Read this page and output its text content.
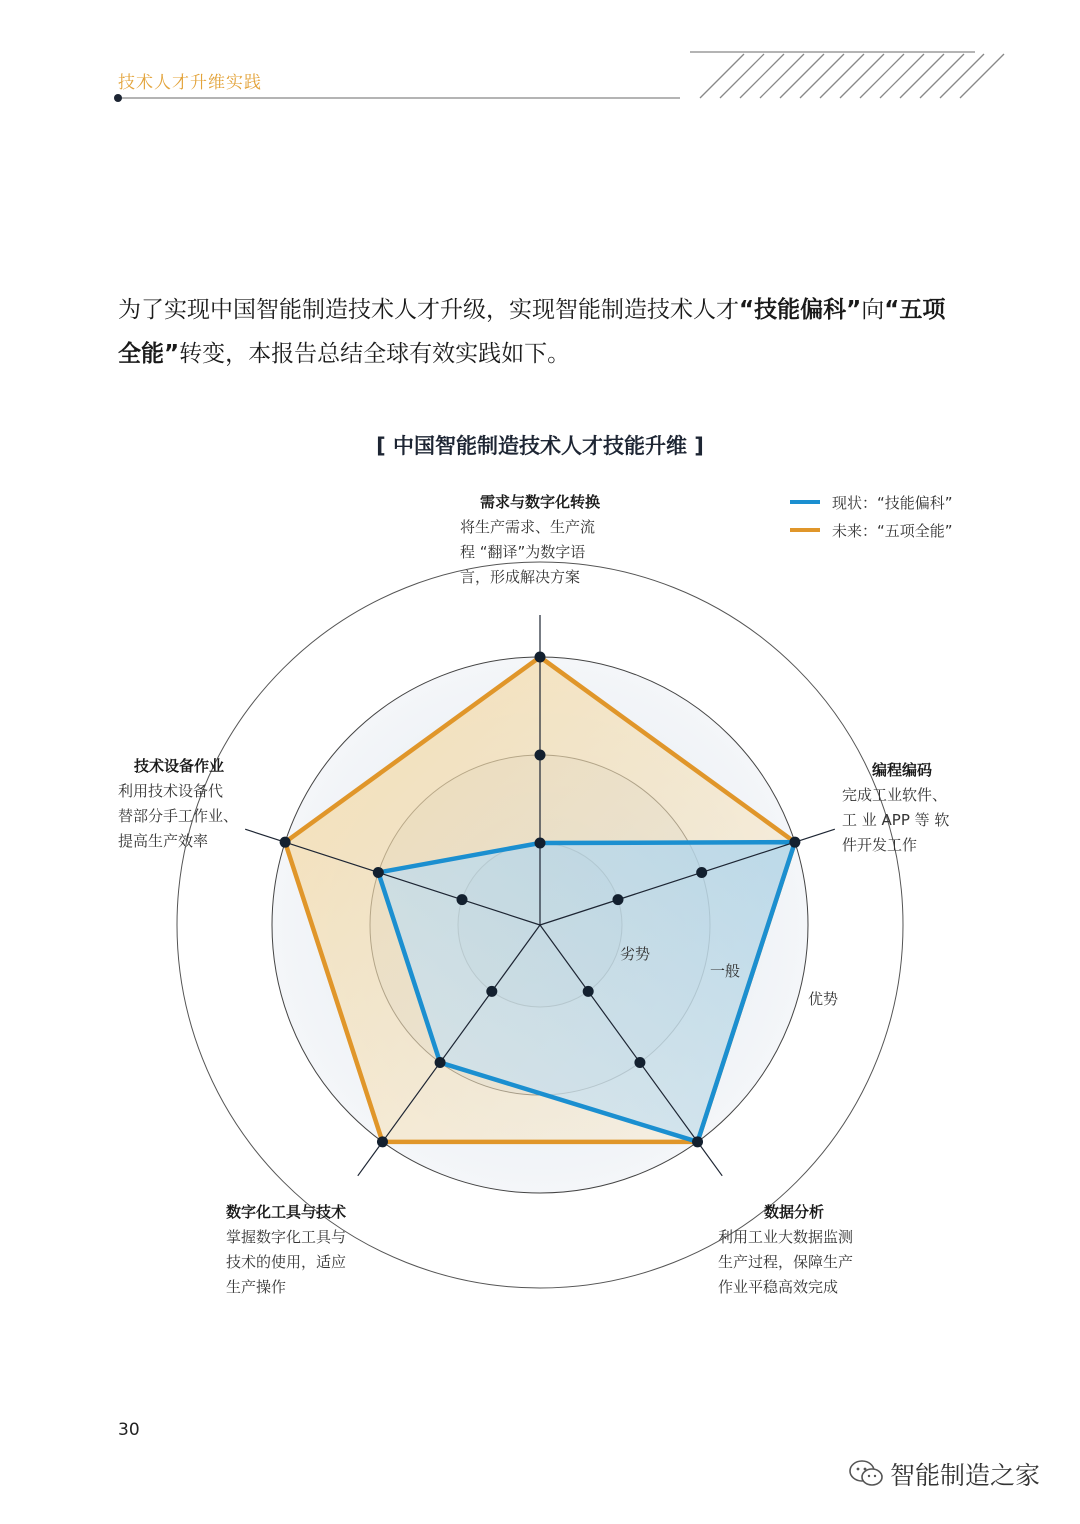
技术人才升维实践
为了实现中国智能制造技术人才升级，实现智能制造技术人才“技能偏科”向“五项全能”转变，本报告总结全球有效实践如下。
[ 中国智能制造技术人才技能升维 ]
劣势
一般
优势
现状：“技能偏科”
未来：“五项全能”
需求与数字化转换
将生产需求、生产流
程 “翻译”为数字语
言，形成解决方案
编程编码
完成工业软件、
工 业 APP 等 软
件开发工作
数据分析
利用工业大数据监测
生产过程，保障生产
作业平稳高效完成
数字化工具与技术
掌握数字化工具与
技术的使用，适应
生产操作
技术设备作业
利用技术设备代
替部分手工作业、
提高生产效率
30
智能制造之家
